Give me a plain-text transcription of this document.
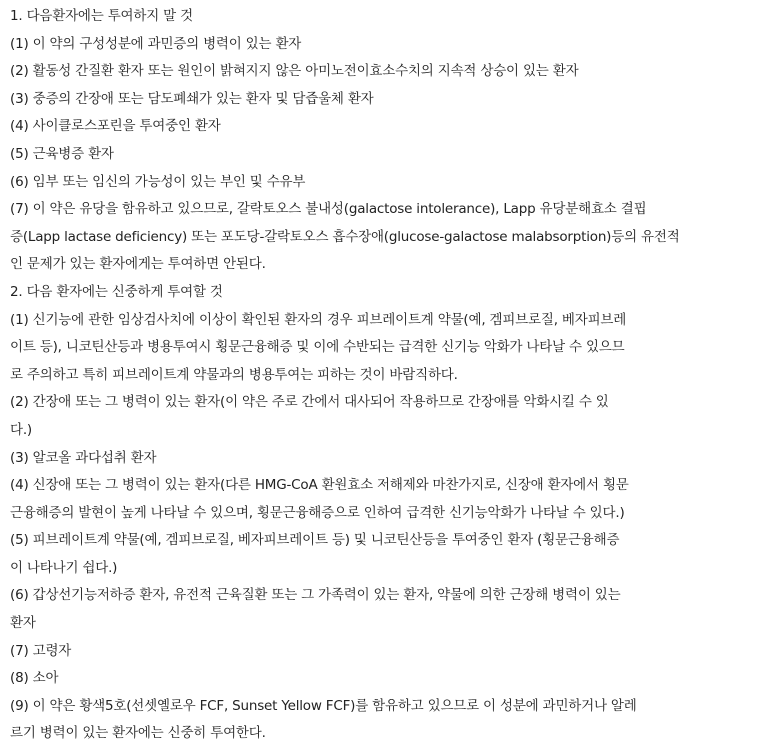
1. 다음환자에는 투여하지 말 것
(1) 이 약의 구성성분에 과민증의 병력이 있는 환자
(2) 활동성 간질환 환자 또는 원인이 밝혀지지 않은 아미노전이효소수치의 지속적 상승이 있는 환자
(3) 중증의 간장애 또는 담도폐쇄가 있는 환자 및 담즙울체 환자
(4) 사이클로스포린을 투여중인 환자
(5) 근육병증 환자
(6) 임부 또는 임신의 가능성이 있는 부인 및 수유부
(7) 이 약은 유당을 함유하고 있으므로, 갈락토오스 불내성(galactose intolerance), Lapp 유당분해효소 결핍
증(Lapp lactase deficiency) 또는 포도당-갈락토오스 흡수장애(glucose-galactose malabsorption)등의 유전적
인 문제가 있는 환자에게는 투여하면 안된다.
2. 다음 환자에는 신중하게 투여할 것
(1) 신기능에 관한 임상검사치에 이상이 확인된 환자의 경우 피브레이트계 약물(예, 겜피브로질, 베자피브레
이트 등), 니코틴산등과 병용투여시 횡문근융해증 및 이에 수반되는 급격한 신기능 악화가 나타날 수 있으므
로 주의하고 특히 피브레이트계 약물과의 병용투여는 피하는 것이 바람직하다.
(2) 간장애 또는 그 병력이 있는 환자(이 약은 주로 간에서 대사되어 작용하므로 간장애를 악화시킬 수 있
다.)
(3) 알코올 과다섭취 환자
(4) 신장애 또는 그 병력이 있는 환자(다른 HMG-CoA 환원효소 저해제와 마찬가지로, 신장애 환자에서 횡문
근융해증의 발현이 높게 나타날 수 있으며, 횡문근융해증으로 인하여 급격한 신기능악화가 나타날 수 있다.)
(5) 피브레이트계 약물(예, 겜피브로질, 베자피브레이트 등) 및 니코틴산등을 투여중인 환자 (횡문근융해증
이 나타나기 쉽다.)
(6) 갑상선기능저하증 환자, 유전적 근육질환 또는 그 가족력이 있는 환자, 약물에 의한 근장해 병력이 있는
환자
(7) 고령자
(8) 소아
(9) 이 약은 황색5호(선셋옐로우 FCF, Sunset Yellow FCF)를 함유하고 있으므로 이 성분에 과민하거나 알레
르기 병력이 있는 환자에는 신중히 투여한다.
